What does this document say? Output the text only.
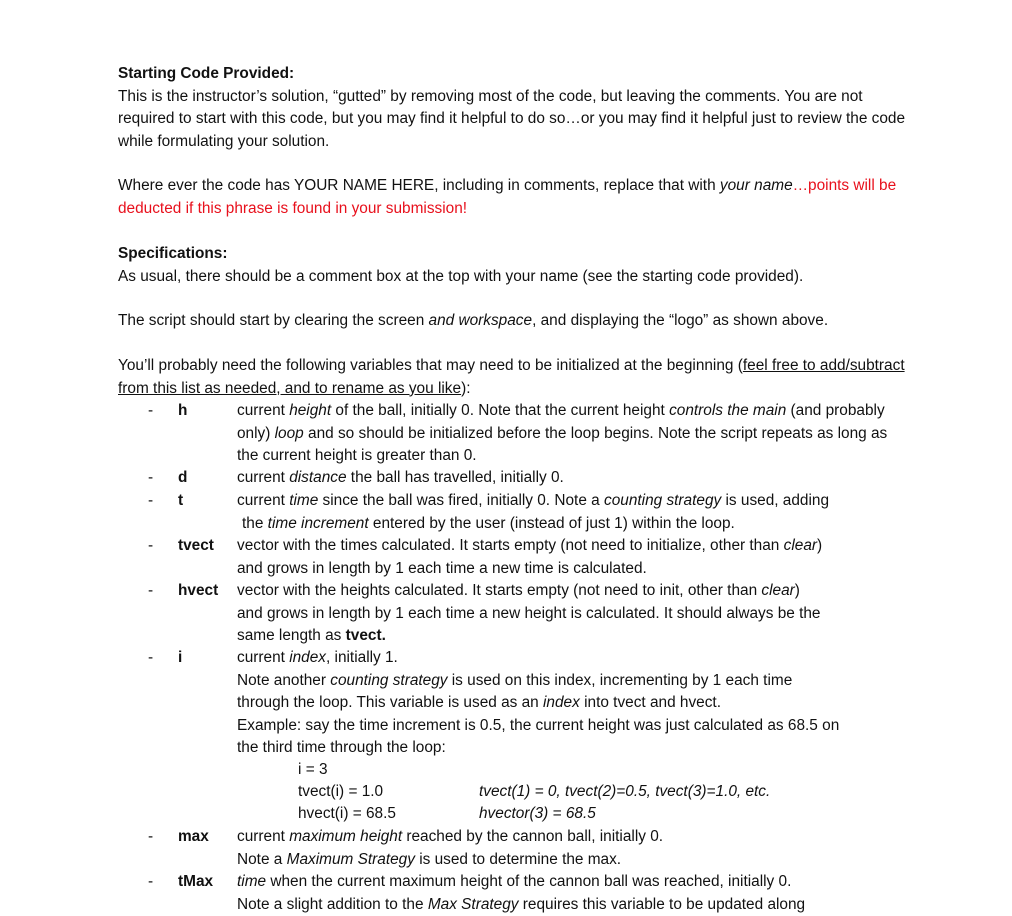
Starting Code Provided:

This is the instructor’s solution, “gutted” by removing most of the code, but leaving the comments. You are not required to start with this code, but you may find it helpful to do so…or you may find it helpful just to review the code while formulating your solution.

Where ever the code has YOUR NAME HERE, including in comments, replace that with your name…points will be deducted if this phrase is found in your submission!

Specifications:

As usual, there should be a comment box at the top with your name (see the starting code provided).

The script should start by clearing the screen and workspace, and displaying the “logo” as shown above.

You’ll probably need the following variables that may need to be initialized at the beginning (feel free to add/subtract from this list as needed, and to rename as you like):

- h	current height of the ball, initially 0. Note that the current height controls the main (and probably only) loop and so should be initialized before the loop begins. Note the script repeats as long as the current height is greater than 0.

- d	current distance the ball has travelled, initially 0.

- t	current time since the ball was fired, initially 0. Note a counting strategy is used, adding

the time increment entered by the user (instead of just 1) within the loop.

- tvect vector with the times calculated. It starts empty (not need to initialize, other than clear)

and grows in length by 1 each time a new time is calculated.

- hvect vector with the heights calculated. It starts empty (not need to init, other than clear)

and grows in length by 1 each time a new height is calculated. It should always be the

same length as tvect.

- i	current index, initially 1.

Note another counting strategy is used on this index, incrementing by 1 each time

through the loop. This variable is used as an index into tvect and hvect.

Example: say the time increment is 0.5, the current height was just calculated as 68.5 on

the third time through the loop:

i = 3
tvect(i) = 1.0	tvect(1) = 0, tvect(2)=0.5, tvect(3)=1.0, etc.
hvect(i) = 68.5	hvector(3) = 68.5
- max current maximum height reached by the cannon ball, initially 0.

Note a Maximum Strategy is used to determine the max.

- tMax time when the current maximum height of the cannon ball was reached, initially 0.

Note a slight addition to the Max Strategy requires this variable to be updated along
